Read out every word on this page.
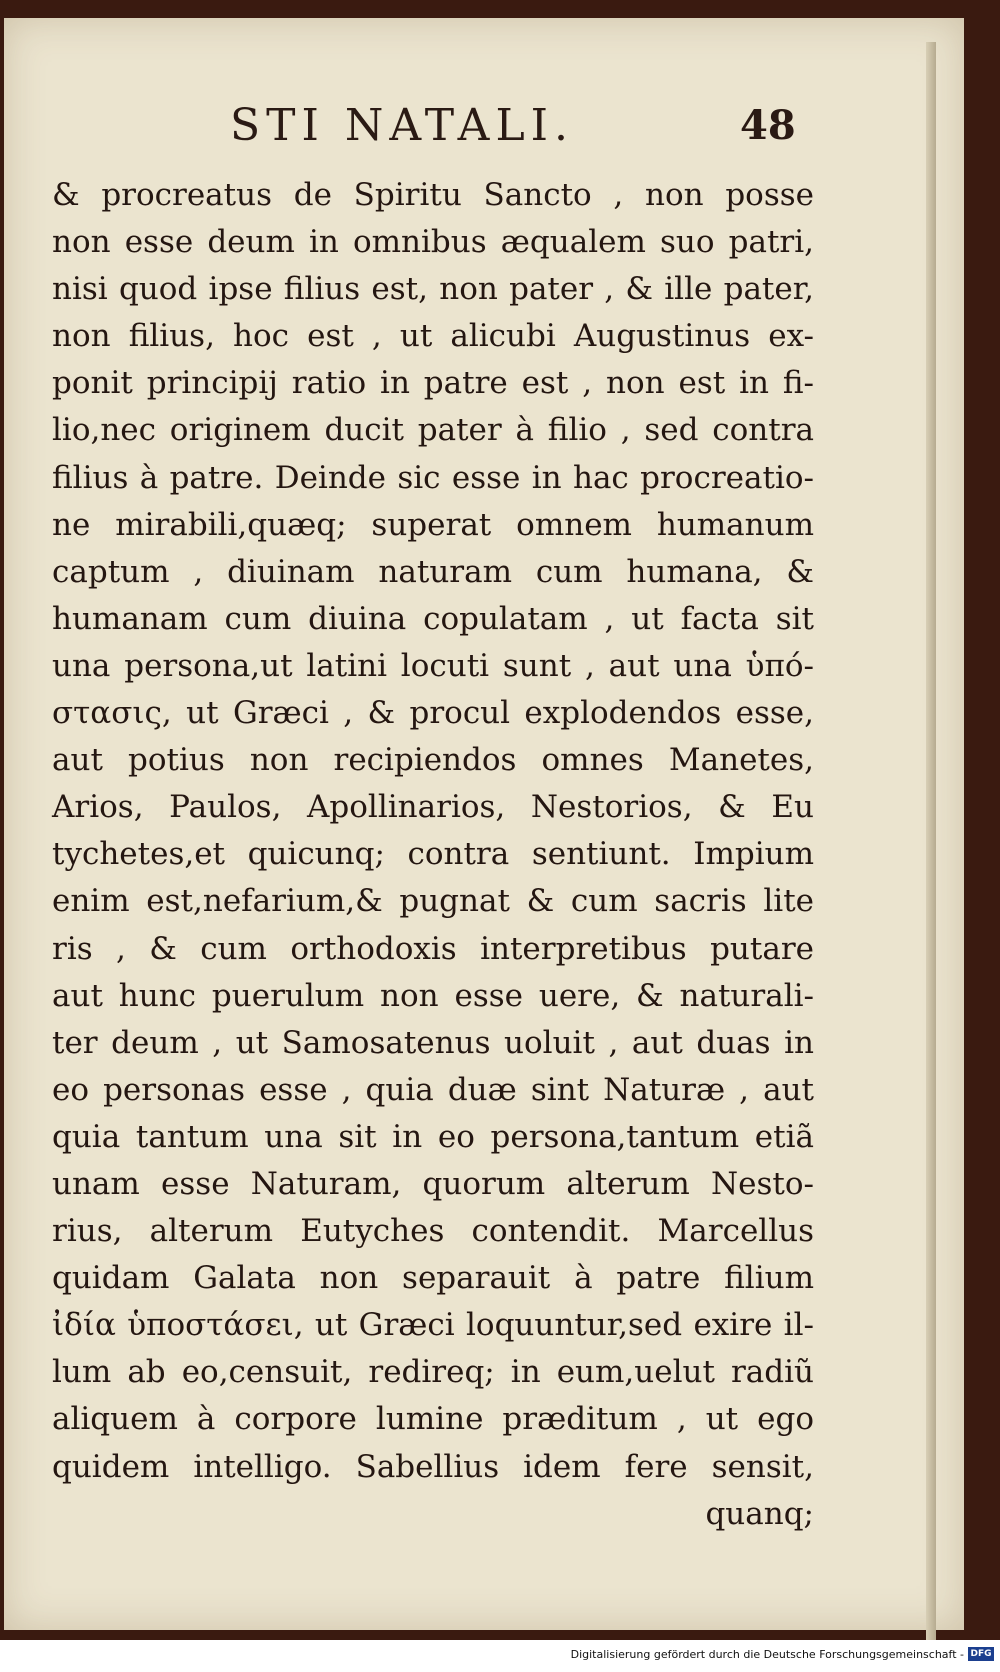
STI NATALI.	48
& procreatus de Spiritu Sancto , non posse
non esse deum in omnibus æqualem suo patri,
nisi quod ipse filius est, non pater , & ille pater,
non filius, hoc est , ut alicubi Augustinus ex-
ponit principij ratio in patre est , non est in fi-
lio,nec originem ducit pater à filio , sed contra
filius à patre. Deinde sic esse in hac procreatio-
ne mirabili,quæq; superat omnem humanum
captum , diuinam naturam cum humana, &
humanam cum diuina copulatam , ut facta sit
una persona,ut latini locuti sunt , aut una ὑπό-
στασις, ut Græci , & procul explodendos esse,
aut potius non recipiendos omnes Manetes,
Arios, Paulos, Apollinarios, Nestorios, & Eu
tychetes,et quicunq; contra sentiunt. Impium
enim est,nefarium,& pugnat & cum sacris lite
ris , & cum orthodoxis interpretibus putare
aut hunc puerulum non esse uere, & naturali-
ter deum , ut Samosatenus uoluit , aut duas in
eo personas esse , quia duæ sint Naturæ , aut
quia tantum una sit in eo persona,tantum etiã
unam esse Naturam, quorum alterum Nesto-
rius, alterum Eutyches contendit. Marcellus
quidam Galata non separauit à patre filium
ἰδία ὑποστάσει, ut Græci loquuntur,sed exire il-
lum ab eo,censuit, redireq; in eum,uelut radiũ
aliquem à corpore lumine præditum , ut ego
quidem intelligo. Sabellius idem fere sensit,
quanq;
Digitalisierung gefördert durch die Deutsche Forschungsgemeinschaft - DFG
